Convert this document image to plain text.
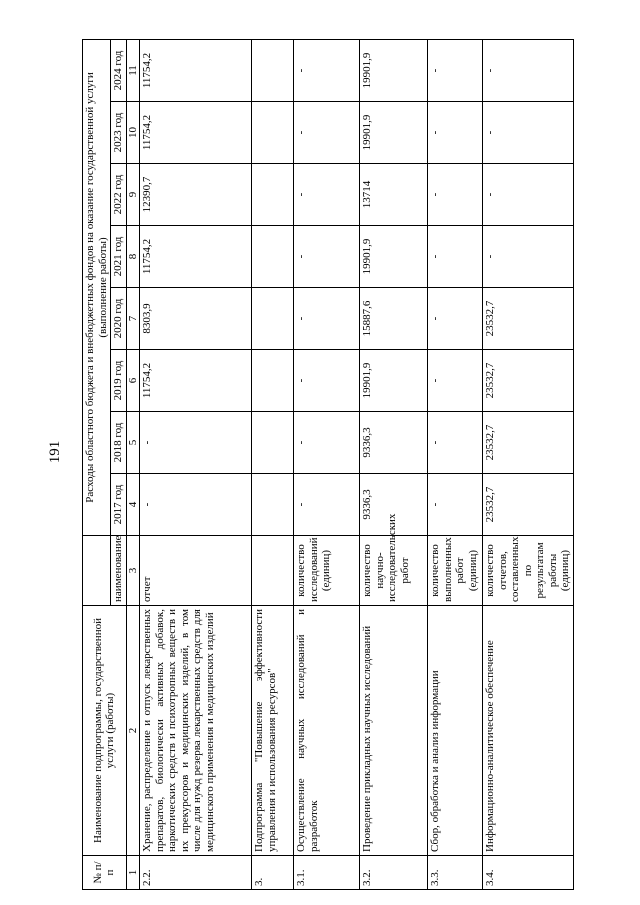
191
№ п/п	Наименование подпрограммы, государственной услуги (работы)		Расходы областного бюджета и внебюджетных фондов на оказание государственной услуги (выполнение работы)							
		наименование	2017 год	2018 год	2019 год	2020 год	2021 год	2022 год	2023 год	2024 год
1	2	3	4	5	6	7	8	9	10	11
2.2.	Хранение, распределение и отпуск лекарственных препаратов, биологически активных добавок, наркотических средств и психотропных веществ и их прекурсоров и медицинских изделий, в том числе для нужд резерва лекарственных средств для медицинского применения и медицинских изделий	отчет	-	-	11754,2	8303,9	11754,2	12390,7	11754,2	11754,2
3.	Подпрограмма "Повышение эффективности управления и использования ресурсов"									
3.1.	Осуществление научных исследований и разработок	количество исследований (единиц)	-	-	-	-	-	-	-	-
3.2.	Проведение прикладных научных исследований	количество научно-исследовательских работ	9336,3	9336,3	19901,9	15887,6	19901,9	13714	19901,9	19901,9
3.3.	Сбор, обработка и анализ информации	количество выполненных работ (единиц)	-	-	-	-	-	-	-	-
3.4.	Информационно-аналитическое обеспечение	количество отчетов, составленных по результатам работы (единиц)	23532,7	23532,7	23532,7	23532,7	-	-	-	-
